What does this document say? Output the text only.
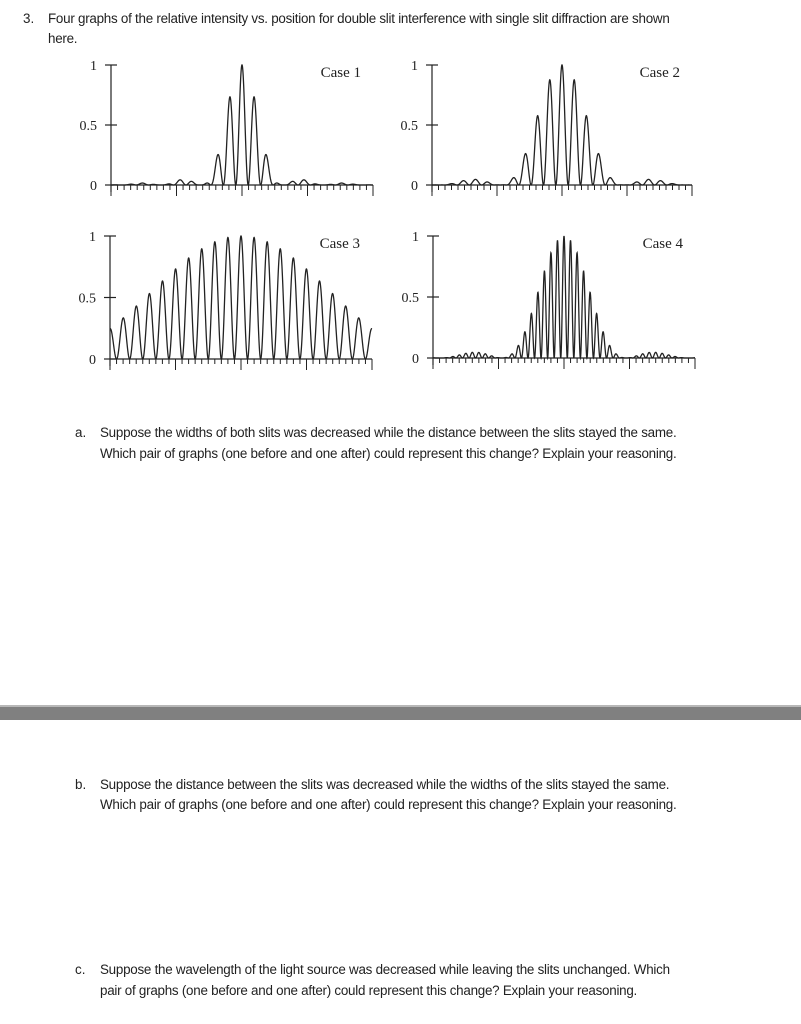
3. Four graphs of the relative intensity vs. position for double slit interference with single slit diffraction are shown
here.
1
0.5
0
Case 1	1
0.5
0
Case 2
1
0.5
0
Case 3	1
0.5
0
Case 4
a. Suppose the widths of both slits was decreased while the distance between the slits stayed the same.
Which pair of graphs (one before and one after) could represent this change? Explain your reasoning.
b. Suppose the distance between the slits was decreased while the widths of the slits stayed the same.
Which pair of graphs (one before and one after) could represent this change? Explain your reasoning.
c. Suppose the wavelength of the light source was decreased while leaving the slits unchanged. Which
pair of graphs (one before and one after) could represent this change? Explain your reasoning.
